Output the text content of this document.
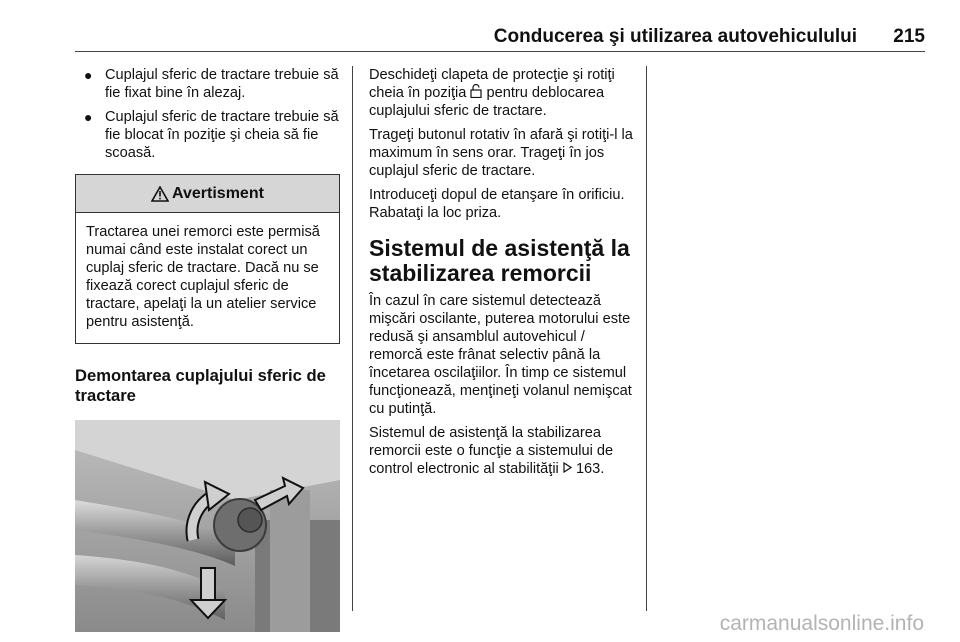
Conducerea şi utilizarea autovehiculului 215
● Cuplajul sferic de tractare trebuie să fie fixat bine în alezaj.
● Cuplajul sferic de tractare trebuie să fie blocat în poziţie şi cheia să fie scoasă.
Avertisment
Tractarea unei remorci este permisă numai când este instalat corect un cuplaj sferic de tractare. Dacă nu se fixează corect cuplajul sferic de tractare, apelaţi la un atelier service pentru asistenţă.
Demontarea cuplajului sferic de tractare

Deschideţi clapeta de protecţie şi rotiţi cheia în poziţia pentru deblocarea cuplajului sferic de tractare.

Trageţi butonul rotativ în afară şi rotiţi-l la maximum în sens orar. Trageţi în jos cuplajul sferic de tractare.

Introduceţi dopul de etanşare în orificiu. Rabataţi la loc priza.

Sistemul de asistenţă la stabilizarea remorcii

În cazul în care sistemul detectează mişcări oscilante, puterea motorului este redusă şi ansamblul autovehicul / remorcă este frânat selectiv până la încetarea oscilaţiilor. În timp ce sistemul funcţionează, menţineţi volanul nemişcat cu putinţă.

Sistemul de asistenţă la stabilizarea remorcii este o funcţie a sistemului de control electronic al stabilităţii 163.

carmanualsonline.info
